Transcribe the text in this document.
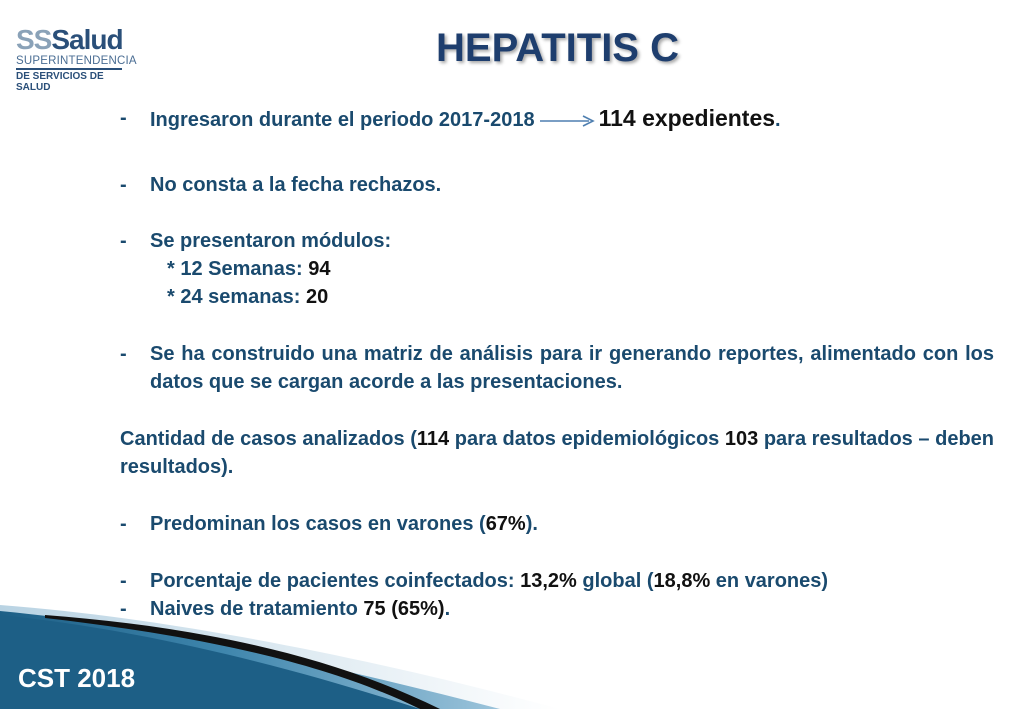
SSSalud
SUPERINTENDENCIA
DE SERVICIOS DE SALUD
HEPATITIS C
- Ingresaron durante el periodo 2017-2018	114 expedientes.
- No consta a la fecha rechazos.
- Se presentaron módulos:
* 12 Semanas: 94
* 24 semanas: 20
- Se ha construido una matriz de análisis para ir generando reportes, alimentado con los datos que se cargan acorde a las presentaciones.
Cantidad de casos analizados (114 para datos epidemiológicos 103 para resultados – deben resultados).
- Predominan los casos en varones (67%).
- Porcentaje de pacientes coinfectados: 13,2% global (18,8% en varones)
- Naives de tratamiento 75 (65%).
CST 2018
